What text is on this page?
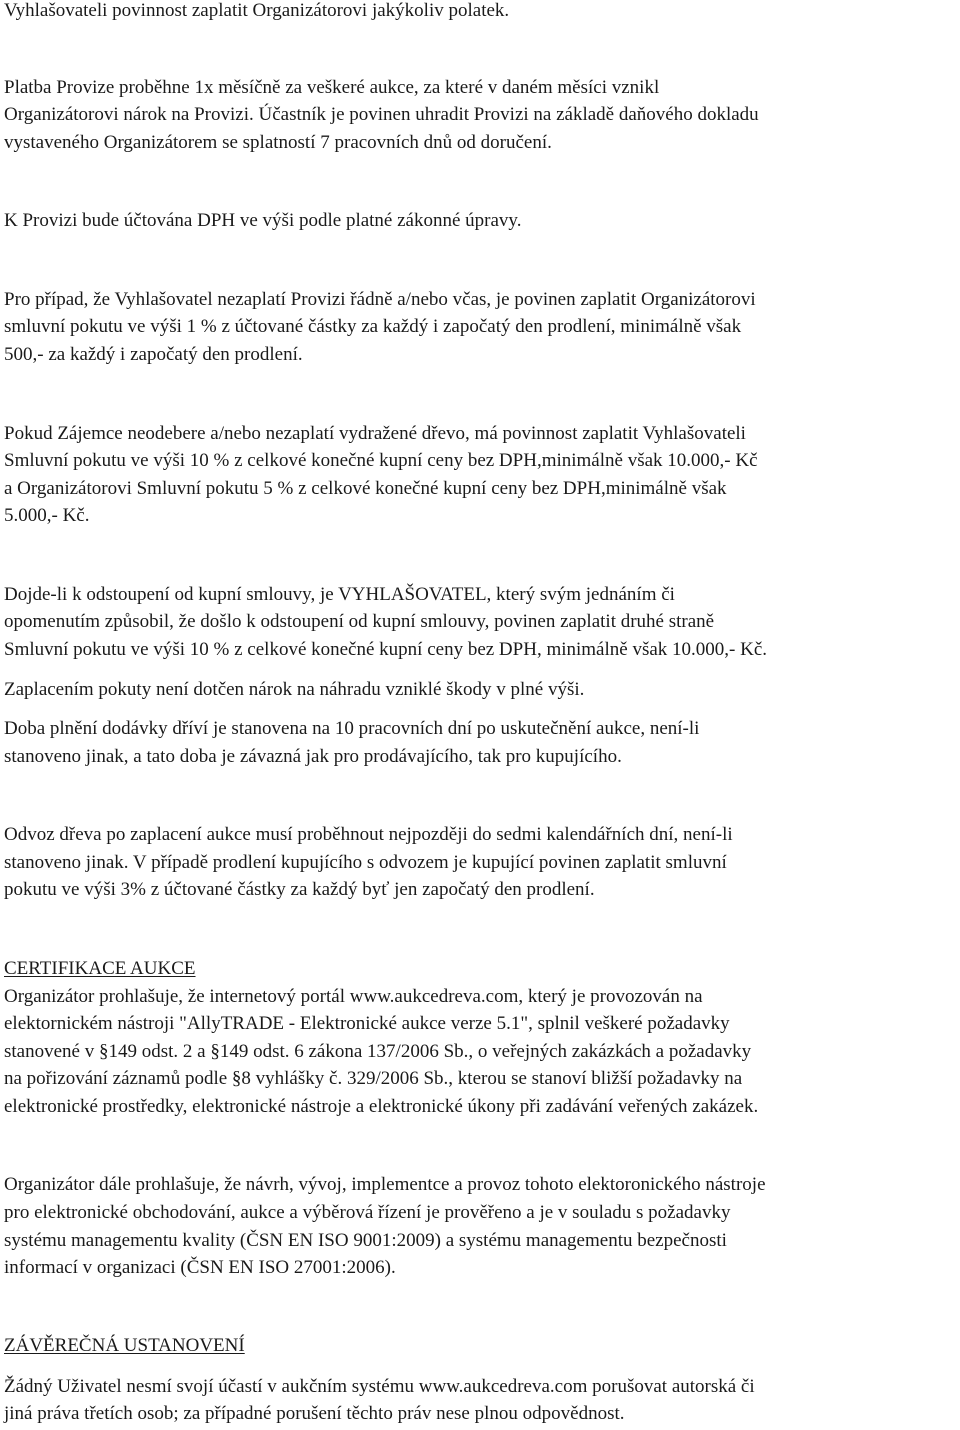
Vyhlašovateli povinnost zaplatit Organizátorovi jakýkoliv polatek.

Platba Provize proběhne 1x měsíčně za veškeré aukce, za které v daném měsíci vznikl

Organizátorovi nárok na Provizi. Účastník je povinen uhradit Provizi na základě daňového dokladu

vystaveného Organizátorem se splatností 7 pracovních dnů od doručení.

K Provizi bude účtována DPH ve výši podle platné zákonné úpravy.

Pro případ, že Vyhlašovatel nezaplatí Provizi řádně a/nebo včas, je povinen zaplatit Organizátorovi

smluvní pokutu ve výši 1 % z účtované částky za každý i započatý den prodlení, minimálně však

500,- za každý i započatý den prodlení.

Pokud Zájemce neodebere a/nebo nezaplatí vydražené dřevo, má povinnost zaplatit Vyhlašovateli

Smluvní pokutu ve výši 10 % z celkové konečné kupní ceny bez DPH,minimálně však 10.000,- Kč

a Organizátorovi Smluvní pokutu 5 % z celkové konečné kupní ceny bez DPH,minimálně však

5.000,- Kč.

Dojde-li k odstoupení od kupní smlouvy, je VYHLAŠOVATEL, který svým jednáním či

opomenutím způsobil, že došlo k odstoupení od kupní smlouvy, povinen zaplatit druhé straně

Smluvní pokutu ve výši 10 % z celkové konečné kupní ceny bez DPH, minimálně však 10.000,- Kč.

Zaplacením pokuty není dotčen nárok na náhradu vzniklé škody v plné výši.

Doba plnění dodávky dříví je stanovena na 10 pracovních dní po uskutečnění aukce, není-li

stanoveno jinak, a tato doba je závazná jak pro prodávajícího, tak pro kupujícího.

Odvoz dřeva po zaplacení aukce musí proběhnout nejpozději do sedmi kalendářních dní, není-li

stanoveno jinak. V případě prodlení kupujícího s odvozem je kupující povinen zaplatit smluvní

pokutu ve výši 3% z účtované částky za každý byť jen započatý den prodlení.

CERTIFIKACE AUKCE

Organizátor prohlašuje, že internetový portál www.aukcedreva.com, který je provozován na

elektornickém nástroji "AllyTRADE - Elektronické aukce verze 5.1", splnil veškeré požadavky

stanovené v §149 odst. 2 a §149 odst. 6 zákona 137/2006 Sb., o veřejných zakázkách a požadavky

na pořizování záznamů podle §8 vyhlášky č. 329/2006 Sb., kterou se stanoví bližší požadavky na

elektronické prostředky, elektronické nástroje a elektronické úkony při zadávání veřených zakázek.

Organizátor dále prohlašuje, že návrh, vývoj, implementce a provoz tohoto elektoronického nástroje

pro elektronické obchodování, aukce a výběrová řízení je prověřeno a je v souladu s požadavky

systému managementu kvality (ČSN EN ISO 9001:2009) a systému managementu bezpečnosti

informací v organizaci (ČSN EN ISO 27001:2006).

ZÁVĚREČNÁ USTANOVENÍ

Žádný Uživatel nesmí svojí účastí v aukčním systému www.aukcedreva.com porušovat autorská či

jiná práva třetích osob; za případné porušení těchto práv nese plnou odpovědnost.
